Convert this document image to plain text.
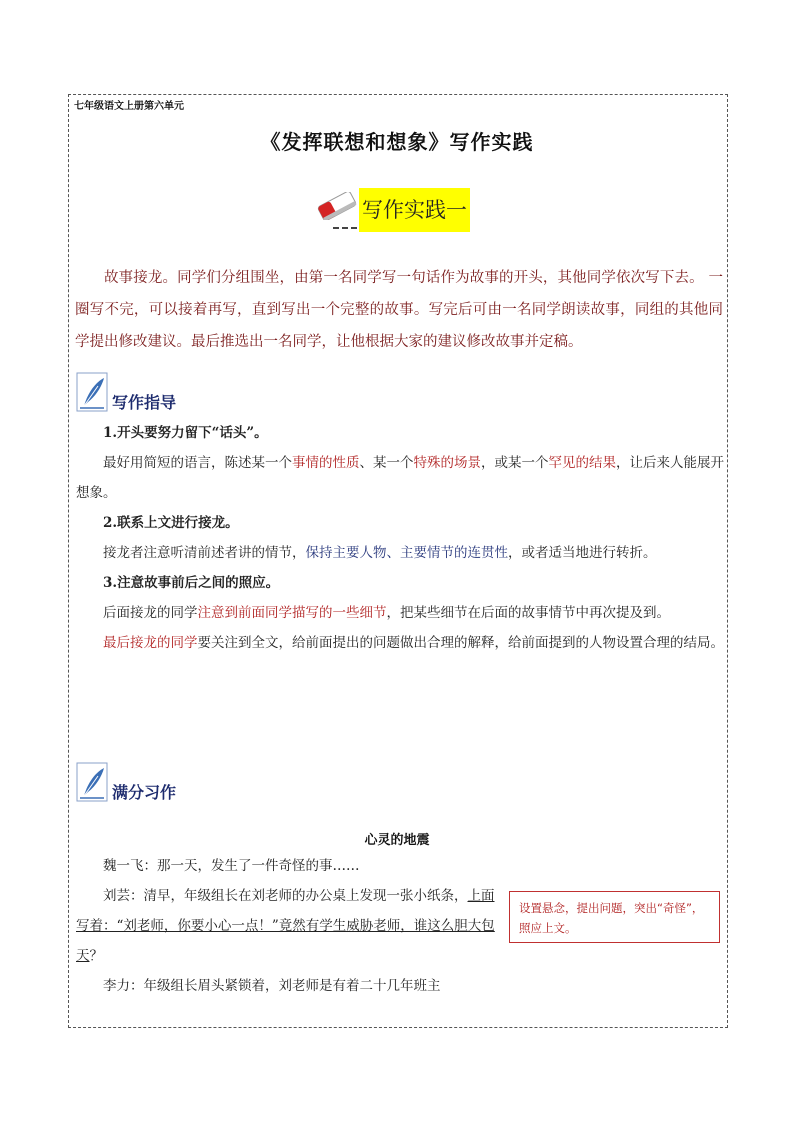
七年级语文上册第六单元
《发挥联想和想象》写作实践
写作实践一

故事接龙。同学们分组围坐，由第一名同学写一句话作为故事的开头，其他同学依次写下去。 一圈写不完，可以接着再写，直到写出一个完整的故事。写完后可由一名同学朗读故事，同组的其他同学提出修改建议。最后推选出一名同学，让他根据大家的建议修改故事并定稿。

写作指导

1.开头要努力留下“话头”。

最好用简短的语言，陈述某一个事情的性质、某一个特殊的场景，或某一个罕见的结果，让后来人能展开想象。

2.联系上文进行接龙。

接龙者注意听清前述者讲的情节，保持主要人物、主要情节的连贯性，或者适当地进行转折。

3.注意故事前后之间的照应。

后面接龙的同学注意到前面同学描写的一些细节，把某些细节在后面的故事情节中再次提及到。

最后接龙的同学要关注到全文，给前面提出的问题做出合理的解释，给前面提到的人物设置合理的结局。

满分习作
心灵的地震

魏一飞：那一天，发生了一件奇怪的事……

刘芸：清早，年级组长在刘老师的办公桌上发现一张小纸条，上面写着：“刘老师，你要小心一点！”竟然有学生威胁老师，谁这么胆大包天？

李力：年级组长眉头紧锁着，刘老师是有着二十几年班主

设置悬念，提出问题，突出“奇怪”，照应上文。
